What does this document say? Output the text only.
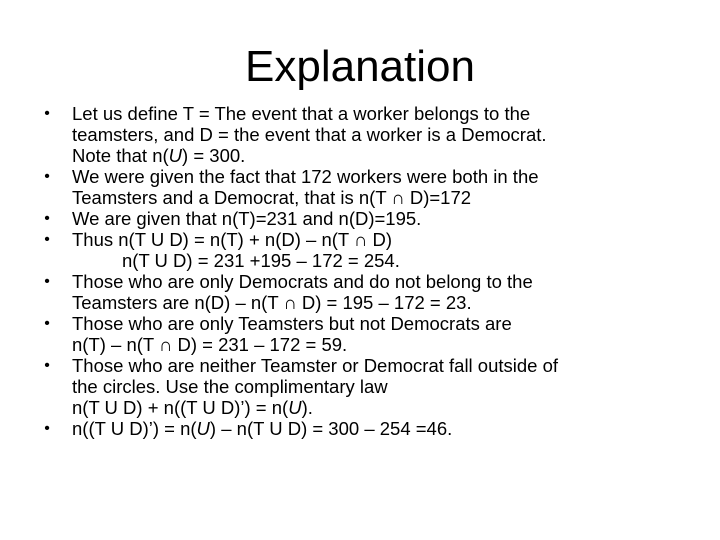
Explanation
• Let us define T = The event that a worker belongs to the
teamsters, and D = the event that a worker is a Democrat.
Note that n(U) = 300.
• We were given the fact that 172 workers were both in the
Teamsters and a Democrat, that is n(T ∩ D)=172
• We are given that n(T)=231 and n(D)=195.
• Thus n(T U D) = n(T) + n(D) – n(T ∩ D)
n(T U D) = 231 +195 – 172 = 254.
• Those who are only Democrats and do not belong to the
Teamsters are n(D) – n(T ∩ D) = 195 – 172 = 23.
• Those who are only Teamsters but not Democrats are
n(T) – n(T ∩ D) = 231 – 172 = 59.
• Those who are neither Teamster or Democrat fall outside of
the circles. Use the complimentary law
n(T U D) + n((T U D)’) = n(U).
• n((T U D)’) = n(U) – n(T U D) = 300 – 254 =46.
